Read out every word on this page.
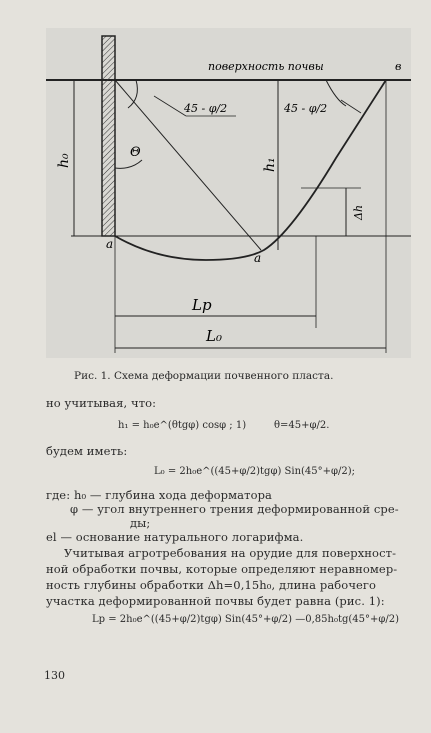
поверхность почвы	в
45 - φ/2	45 - φ/2
Θ
h₀	h₁
Δh
a
a
Lр
L₀
Рис. 1. Схема деформации почвенного пласта.
но учитывая, что:
h₁ = h₀e^(θtgφ) cosφ ; 1)	θ=45+φ/2.
будем иметь:
L₀ = 2h₀e^((45+φ/2)tgφ) Sin(45°+φ/2);
где: h₀ — глубина хода деформатора
φ — угол внутреннего трения деформированной сре-
ды;
el — основание натурального логарифма.
Учитывая агротребования на орудие для поверхност-
ной обработки почвы, которые определяют неравномер-
ность глубины обработки Δh=0,15h₀, длина рабочего
участка деформированной почвы будет равна (рис. 1):
Lр = 2h₀e^((45+φ/2)tgφ) Sin(45°+φ/2) —0,85h₀tg(45°+φ/2)
130
